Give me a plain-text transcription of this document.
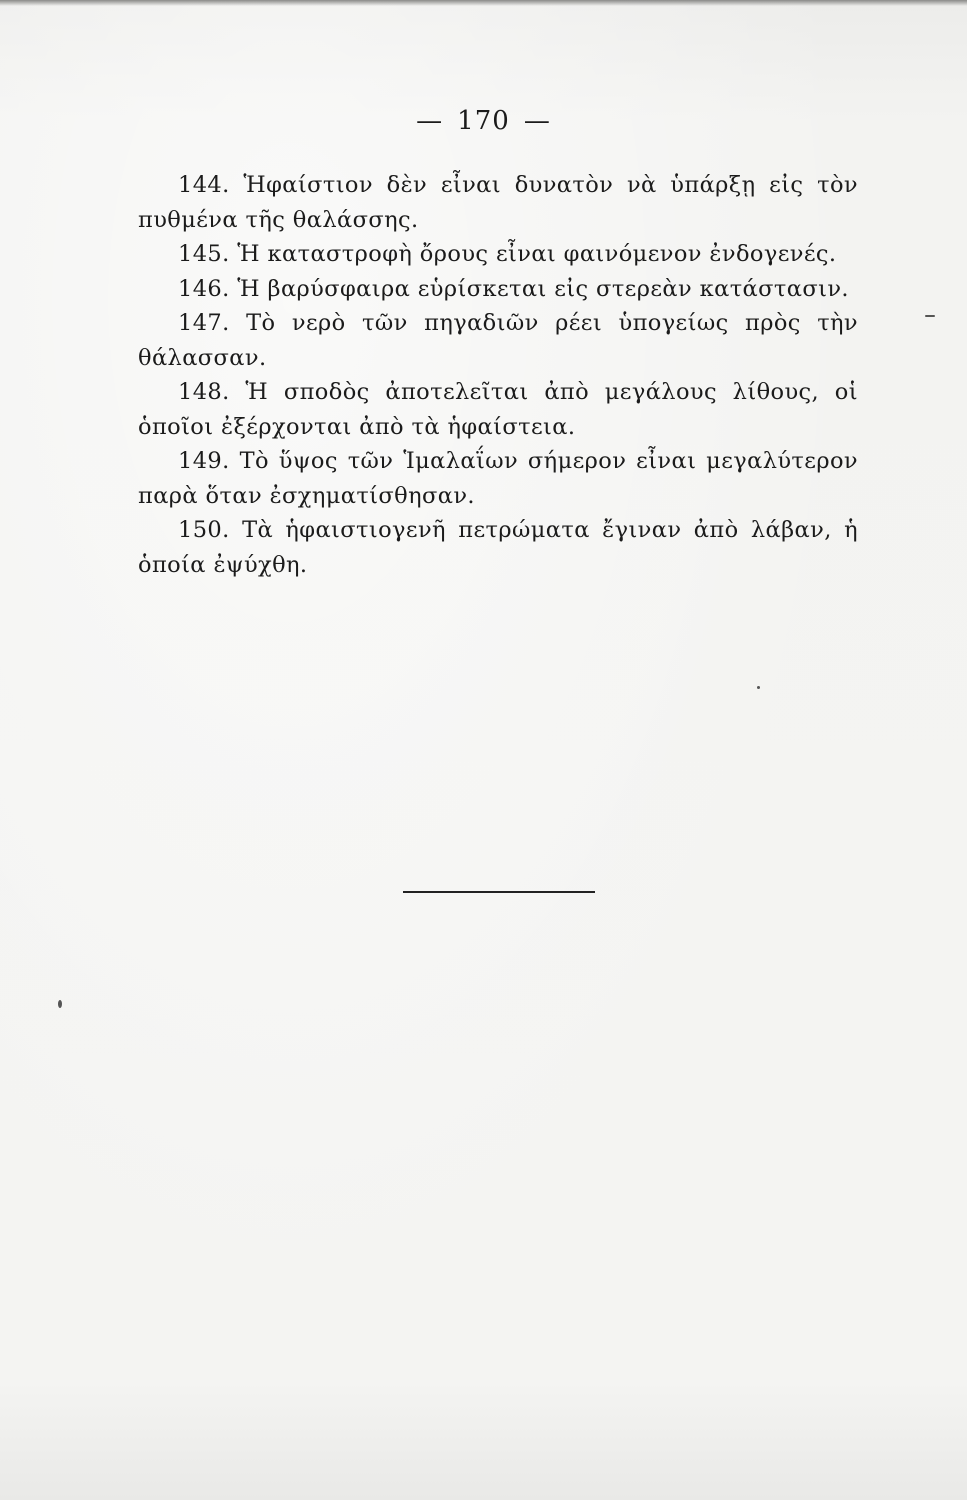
— 170 —

144. Ἡφαίστιον δὲν εἶναι δυνατὸν νὰ ὑπάρξῃ εἰς τὸν πυθμένα τῆς θαλάσσης.

145. Ἡ καταστροφὴ ὄρους εἶναι φαινόμενον ἐνδογενές.

146. Ἡ βαρύσφαιρα εὑρίσκεται εἰς στερεὰν κατάστασιν.

147. Τὸ νερὸ τῶν πηγαδιῶν ρέει ὑπογείως πρὸς τὴν θάλασσαν.

148. Ἡ σποδὸς ἀποτελεῖται ἀπὸ μεγάλους λίθους, οἱ ὁποῖοι ἐξέρχονται ἀπὸ τὰ ἡφαίστεια.

149. Τὸ ὕψος τῶν Ἱμαλαΐων σήμερον εἶναι μεγαλύτερον παρὰ ὅταν ἐσχηματίσθησαν.

150. Τὰ ἡφαιστιογενῆ πετρώματα ἔγιναν ἀπὸ λάβαν, ἡ ὁποία ἐψύχθη.
